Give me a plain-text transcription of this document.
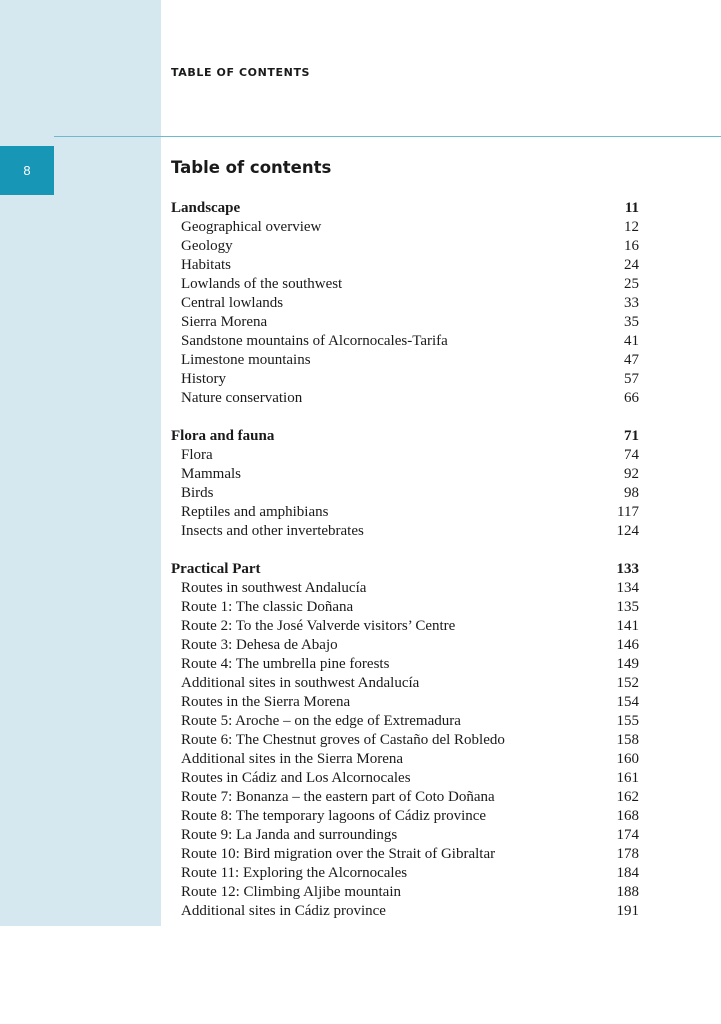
8
TABLE OF CONTENTS
Table of contents
Landscape	11
Geographical overview	12
Geology	16
Habitats	24
Lowlands of the southwest	25
Central lowlands	33
Sierra Morena	35
Sandstone mountains of Alcornocales-Tarifa	41
Limestone mountains	47
History	57
Nature conservation	66
Flora and fauna	71
Flora	74
Mammals	92
Birds	98
Reptiles and amphibians	117
Insects and other invertebrates	124
Practical Part	133
Routes in southwest Andalucía	134
Route 1: The classic Doñana	135
Route 2: To the José Valverde visitors’ Centre	141
Route 3: Dehesa de Abajo	146
Route 4: The umbrella pine forests	149
Additional sites in southwest Andalucía	152
Routes in the Sierra Morena	154
Route 5: Aroche – on the edge of Extremadura	155
Route 6: The Chestnut groves of Castaño del Robledo	158
Additional sites in the Sierra Morena	160
Routes in Cádiz and Los Alcornocales	161
Route 7: Bonanza – the eastern part of Coto Doñana	162
Route 8: The temporary lagoons of Cádiz province	168
Route 9: La Janda and surroundings	174
Route 10: Bird migration over the Strait of Gibraltar	178
Route 11: Exploring the Alcornocales	184
Route 12: Climbing Aljibe mountain	188
Additional sites in Cádiz province	191
